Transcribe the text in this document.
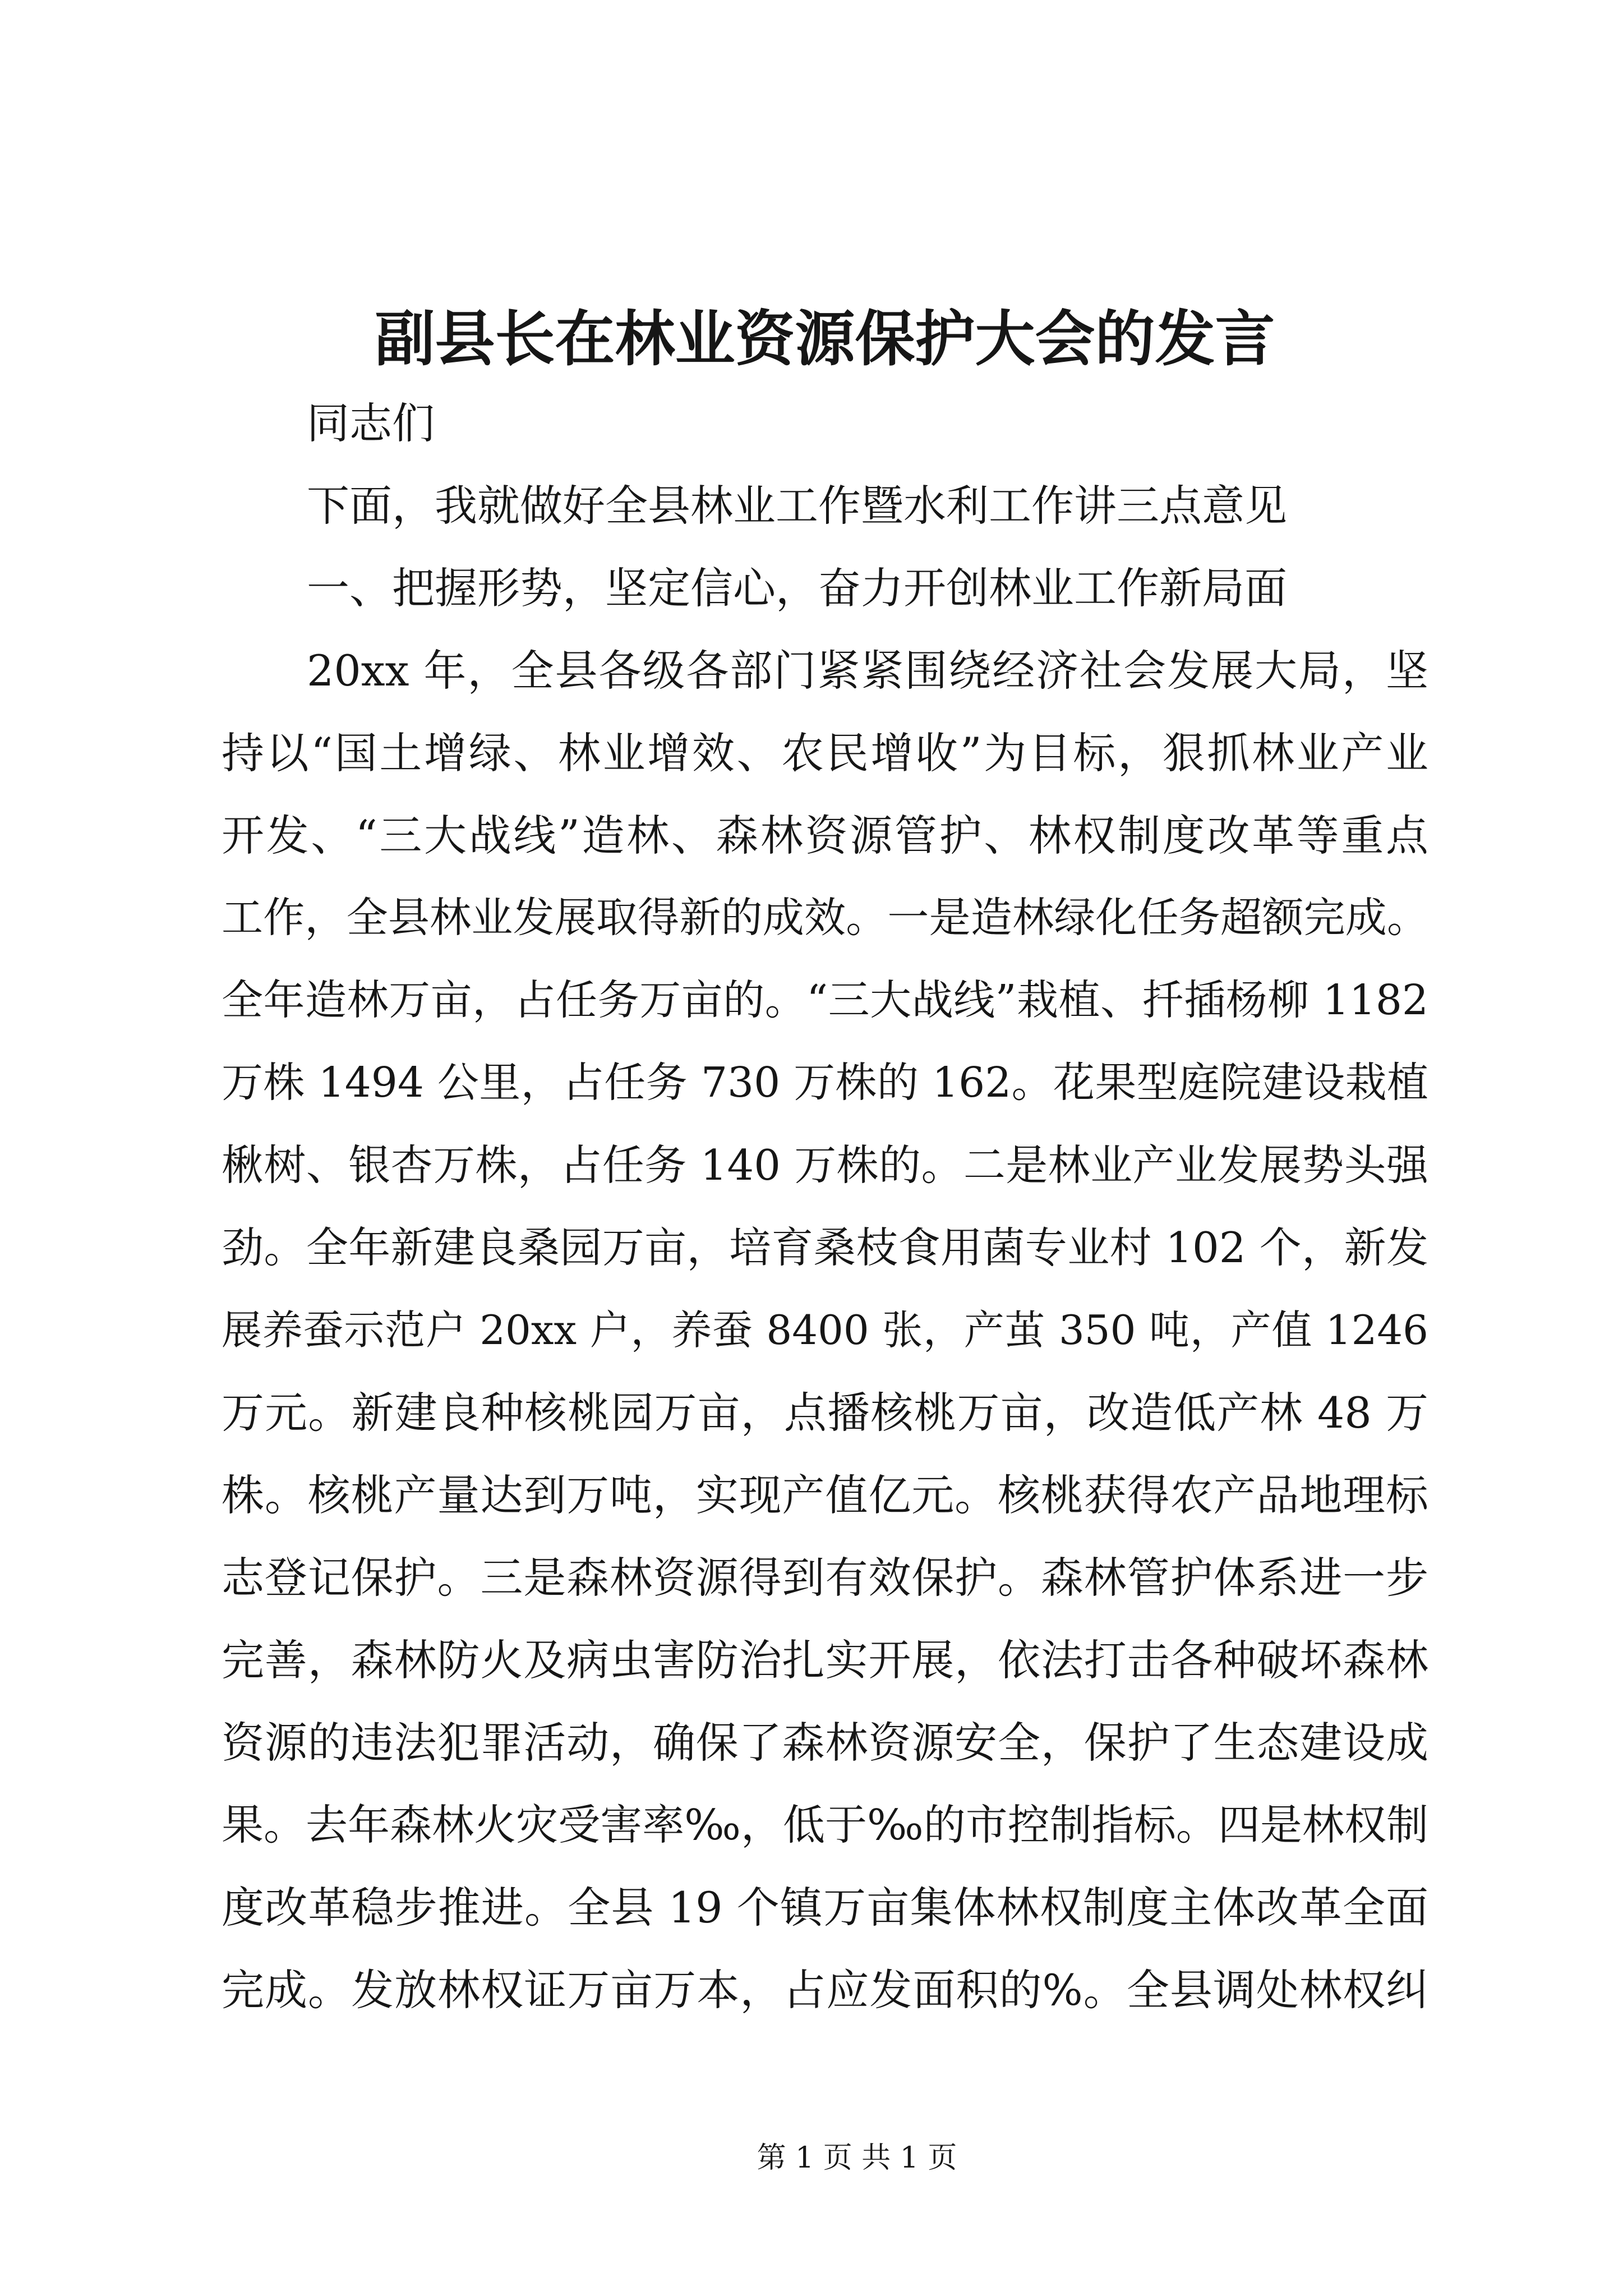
副县长在林业资源保护大会的发言
同志们
下面，我就做好全县林业工作暨水利工作讲三点意见
一、把握形势，坚定信心，奋力开创林业工作新局面
20xx 年，全县各级各部门紧紧围绕经济社会发展大局，坚
持以“国土增绿、林业增效、农民增收”为目标，狠抓林业产业
开发、“三大战线”造林、森林资源管护、林权制度改革等重点
工作，全县林业发展取得新的成效。一是造林绿化任务超额完成。
全年造林万亩，占任务万亩的。“三大战线”栽植、扦插杨柳 1182
万株 1494 公里，占任务 730 万株的 162。花果型庭院建设栽植
楸树、银杏万株，占任务 140 万株的。二是林业产业发展势头强
劲。全年新建良桑园万亩，培育桑枝食用菌专业村 102 个，新发
展养蚕示范户 20xx 户，养蚕 8400 张，产茧 350 吨，产值 1246
万元。新建良种核桃园万亩，点播核桃万亩，改造低产林 48 万
株。核桃产量达到万吨，实现产值亿元。核桃获得农产品地理标
志登记保护。三是森林资源得到有效保护。森林管护体系进一步
完善，森林防火及病虫害防治扎实开展，依法打击各种破坏森林
资源的违法犯罪活动，确保了森林资源安全，保护了生态建设成
果。去年森林火灾受害率‰，低于‰的市控制指标。四是林权制
度改革稳步推进。全县 19 个镇万亩集体林权制度主体改革全面
完成。发放林权证万亩万本，占应发面积的%。全县调处林权纠
第 1 页 共 1 页
